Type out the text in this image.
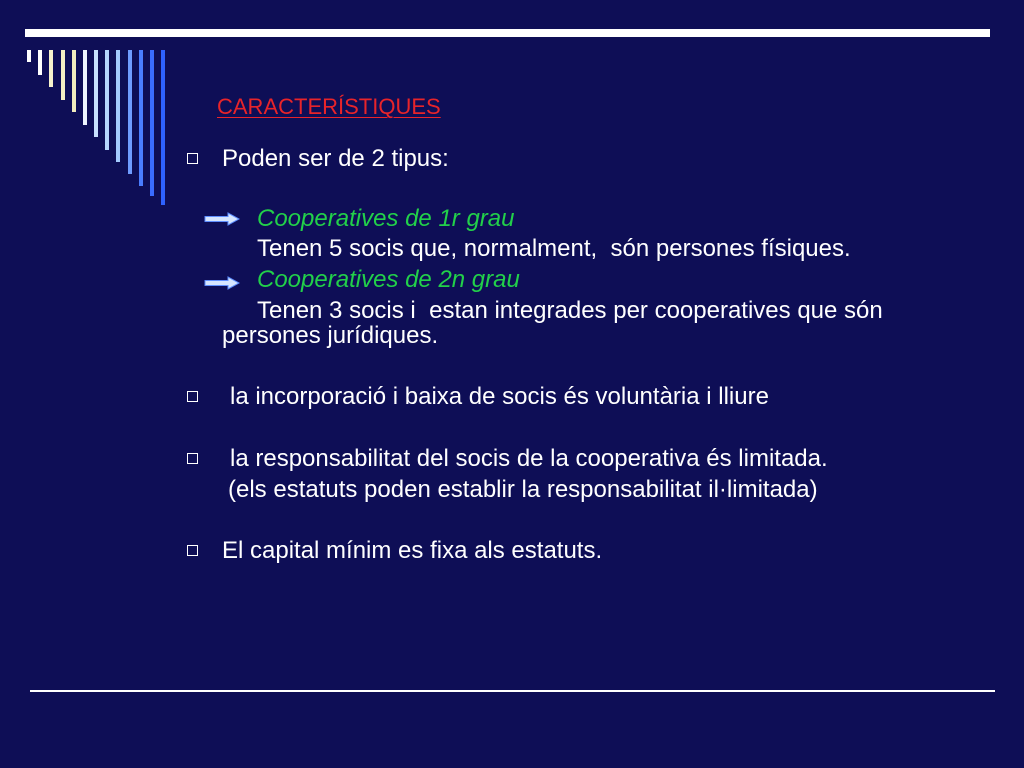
CARACTERÍSTIQUES
Poden ser de 2 tipus:
Cooperatives de 1r grau
Tenen 5 socis que, normalment,  són persones físiques.
Cooperatives de 2n grau
Tenen 3 socis i  estan integrades per cooperatives que són
persones jurídiques.
la incorporació i baixa de socis és voluntària i lliure
la responsabilitat del socis de la cooperativa és limitada.
(els estatuts poden establir la responsabilitat il·limitada)
El capital mínim es fixa als estatuts.
